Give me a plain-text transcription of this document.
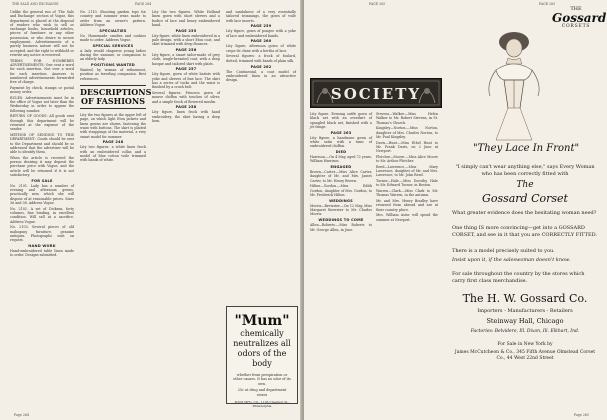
THE SALE AND EXCHANGE	PAGE 264
Unlike the general run of 'The Sale and Exchange' section of Vogue, this department is placed at the disposal of readers who wish to sell or exchange books, household articles, pieces of furniture or any other possession, or who desire to secure employment. Advertisements of a purely business nature will not be accepted, and the right to withhold or rewrite any notice is reserved.
TERMS FOR NUMBERED ADVERTISEMENTS: One cent a word for each insertion. Not over a word for each insertion. Answers to numbered advertisements forwarded free of charge.
Payment by check, stamps or postal money order.
RULES: Advertisements must be in the office of Vogue not later than the Wednesday in order to appear the following number.
RETURN OF GOODS: All goods sent through this department will be returned at the expense of the sender.
METHOD OF SENDING TO THIS DEPARTMENT: Goods should be sent to the Department and should be so addressed that the advertiser will be able to identify them.
When the article is received the person desiring it may deposit the purchase price with Vogue, and the article will be returned if it is not satisfactory.
FOR SALE
No. 2101. Lady has a number of evening and afternoon gowns, practically new, which she will dispose of at reasonable prices. Sizes 36 and 38. Address Vogue.
No. 2102. A set of Dickens, forty volumes, fine binding, in excellent condition. Will sell at a sacrifice. Address Vogue.
No. 2103. Several pieces of old mahogany furniture, genuine antiques. Photographs sent on request.
HAND WORK
Hand-embroidered table linen made to order. Designs submitted.
No. 2110. Shooting garden tops for country and summer wear, made to order from an owner's pattern. Address Vogue.
SPECIALTIES
No. Homemade candies and cookies made to order. Address Vogue.
SPECIAL SERVICES
A lady would chaperon young ladies during the summer, or companion to an elderly lady.
POSITIONS WANTED
Wanted, by woman of refinement, position as traveling companion. Best references.
DESCRIPTIONS OF FASHIONS
Lity the two figures at the upper left of page, on which light Eton jackets and linen gowns are shown, fastening the waist with buttons. The skirt is plaited with strappings of the material, a very smart model for summer.
PAGE 248
Lity two figures: a white linen frock with an embroidered collar, and a model of blue cotton voile trimmed with bands of white.
Lity the two figures. White Holland linen gown with short sleeves and a bodice of lace and heavy embroidered band.
PAGE 255
Lity figure, white linen embroidered in a pale design, with a short Eton coat, and skirt trimmed with deep flounces.
PAGE 256
Lity figure, a smart tailor-made of grey cloth, single-breasted coat, with a deep basque and tailored skirt with plaits.
PAGE 257
Lity figure, gown of white batiste with yoke and sleeves of fine lace. The skirt has a series of tucks and the waist is finished by a crush belt.
Several figures: Princess gown of mauve chiffon with touches of silver, and a simple frock of flowered muslin.
PAGE 258
Lity figure, linen frock with hand embroidery, the skirt having a deep hem.
and sandalness of a very essentially tailored trimmings, the gown of voile with lace inserts.
PAGE 259
Lity figure, gown of pongee with a yoke of lace and embroidered bands.
PAGE 260
Lity figure, afternoon gown of white crepe de chine with a bertha of lace.
Several figures: a frock of foulard, dotted, trimmed with bands of plain silk.
PAGE 262
The Continental, a coat model of embroidered linen in an attractive design.
"Mum"
chemically
neutralizes all
odors of the body
whether from perspiration or other causes. It has no odor of its own.
25c at drug and department stores
MUM MFG. CO., 1106 Chestnut St., Philadelphia
Page 264
PAGE 265	PAGE 265
SOCIETY
Lity figure. Evening outfit gown of black net with an overskirt of spangled black net, finished with a jet fringe.
PAGE 263
Lity figure, a handsome gown of white satin with a tunic of embroidered chiffon.
DIED
Harrison.—On 4 May, aged 72 years, William Harrison.
ENGAGED
Brown—Carter.—Miss Alice Carter, daughter of Mr. and Mrs. James Carter, to Mr. Henry Brown.
Hilton—Gordon.—Miss Edith Gordon, daughter of Mrs. Gordon, to Mr. Frederick Hilton.
WEDDINGS
Morris—Brewster.—On 12 May, Miss Margaret Brewster to Mr. Charles Morris.
WEDDINGS TO COME
Allen—Roberts.—Miss Roberts to Mr. George Allen, in June.
Stevens—Walker.—Miss Helen Walker to Mr. Robert Stevens, in St. Thomas's Church.
Kingsley—Norton.—Miss Norton, daughter of Mrs. Charles Norton, to Mr. Paul Kingsley.
Davis—Hunt.—Miss Ethel Hunt to Mr. Frank Davis, on 2 June at Newport.
Fletcher—Moore.—Miss Alice Moore to Mr. Arthur Fletcher.
Reed—Lawrence.—Miss Mary Lawrence, daughter of Mr. and Mrs. Lawrence, to Mr. John Reed.
Turner—Hale.—Miss Dorothy Hale to Mr. Edward Turner, in Boston.
Warren—Clark.—Miss Clark to Mr. Thomas Warren, in the autumn.
Mr. and Mrs. Henry Bradley have returned from abroad and are at their country place.
Mrs. William Astor will spend the summer at Newport.
THE
Gossard
CORSETS
"They Lace In Front"
"I simply can't wear anything else," says Every Woman who has been correctly fitted with
The
Gossard Corset
What greater evidence does the hesitating woman need?
One thing IS more convincing—get into a GOSSARD CORSET, and see in it that you are CORRECTLY FITTED.
There is a model precisely suited to you.
Insist upon it, if the saleswoman doesn't know.
For sale throughout the country by the stores which carry first class merchandise.
The H. W. Gossard Co.
Importers - Manufacturers - Retailers
Steinway Hall, Chicago
Factories: Belvidere, Ill. Dixon, Ill. Elkhart, Ind.
For Sale in New York by
James McCutcheon & Co., 345 Fifth Avenue Olmstead Corset Co., 44 West 22nd Street
Page 265
